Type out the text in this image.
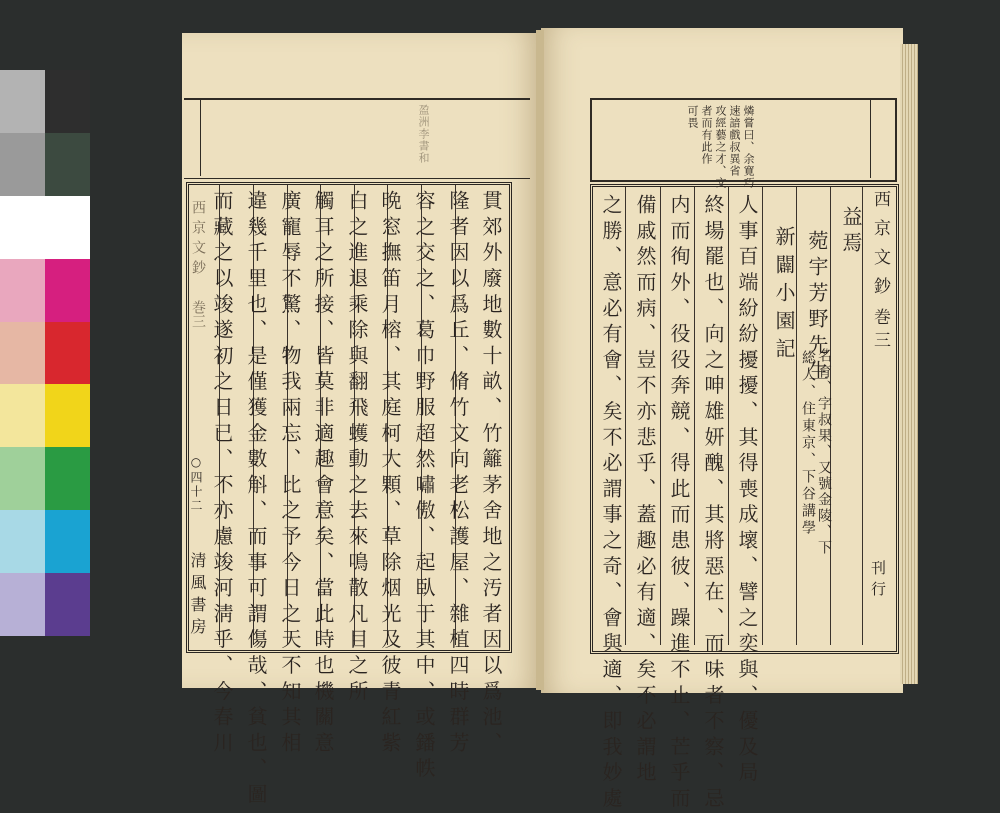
盈洲李書和
貫郊外廢地數十畝、竹籬茅舍地之汚者因以爲池、
隆者因以爲丘、脩竹文向老松護屋、雜植四時群芳
容之交之、葛巾野服超然嘯傲、起臥于其中、或鐇帙
晩窓撫笛月榕、其庭柯大顆、草除烟光及彼青紅紫
白之進退乘除與翻飛蠖動之去來鳴散凡目之所
觸耳之所接、皆莫非適趣會意矣、當此時也機關意
廣寵辱不驚、物我兩忘、比之予今日之天不知其相
違幾千里也、是僅獲金數斛、而事可謂傷哉、貧也、圖
而藏之以竣遂初之日已、不亦慮竣河淸乎、今春川
西京文鈔
巻三
○四十二
清風書房
燐嘗曰、余寛巧
速諳戲叔異省
攻經藝之才、文
者而有此作
可畏
西京文鈔
巻三
刊行
益焉
菀宇芳野先生
名育、字叔果、又號金陵、下
総人、住東京、下谷講學
新闢小園記
人事百端紛紛擾擾、其得喪成壞、譬之奕與、優及局
終場罷也、向之呻雄妍醜、其將惡在、而味者不察、忌
内而徇外、役役奔競、得此而患彼、躁進不止、芒乎而
備戚然而病、豈不亦悲乎、蓋趣必有適、矣不必謂地
之勝、意必有會、矣不必謂事之奇、會與適、即我妙處
